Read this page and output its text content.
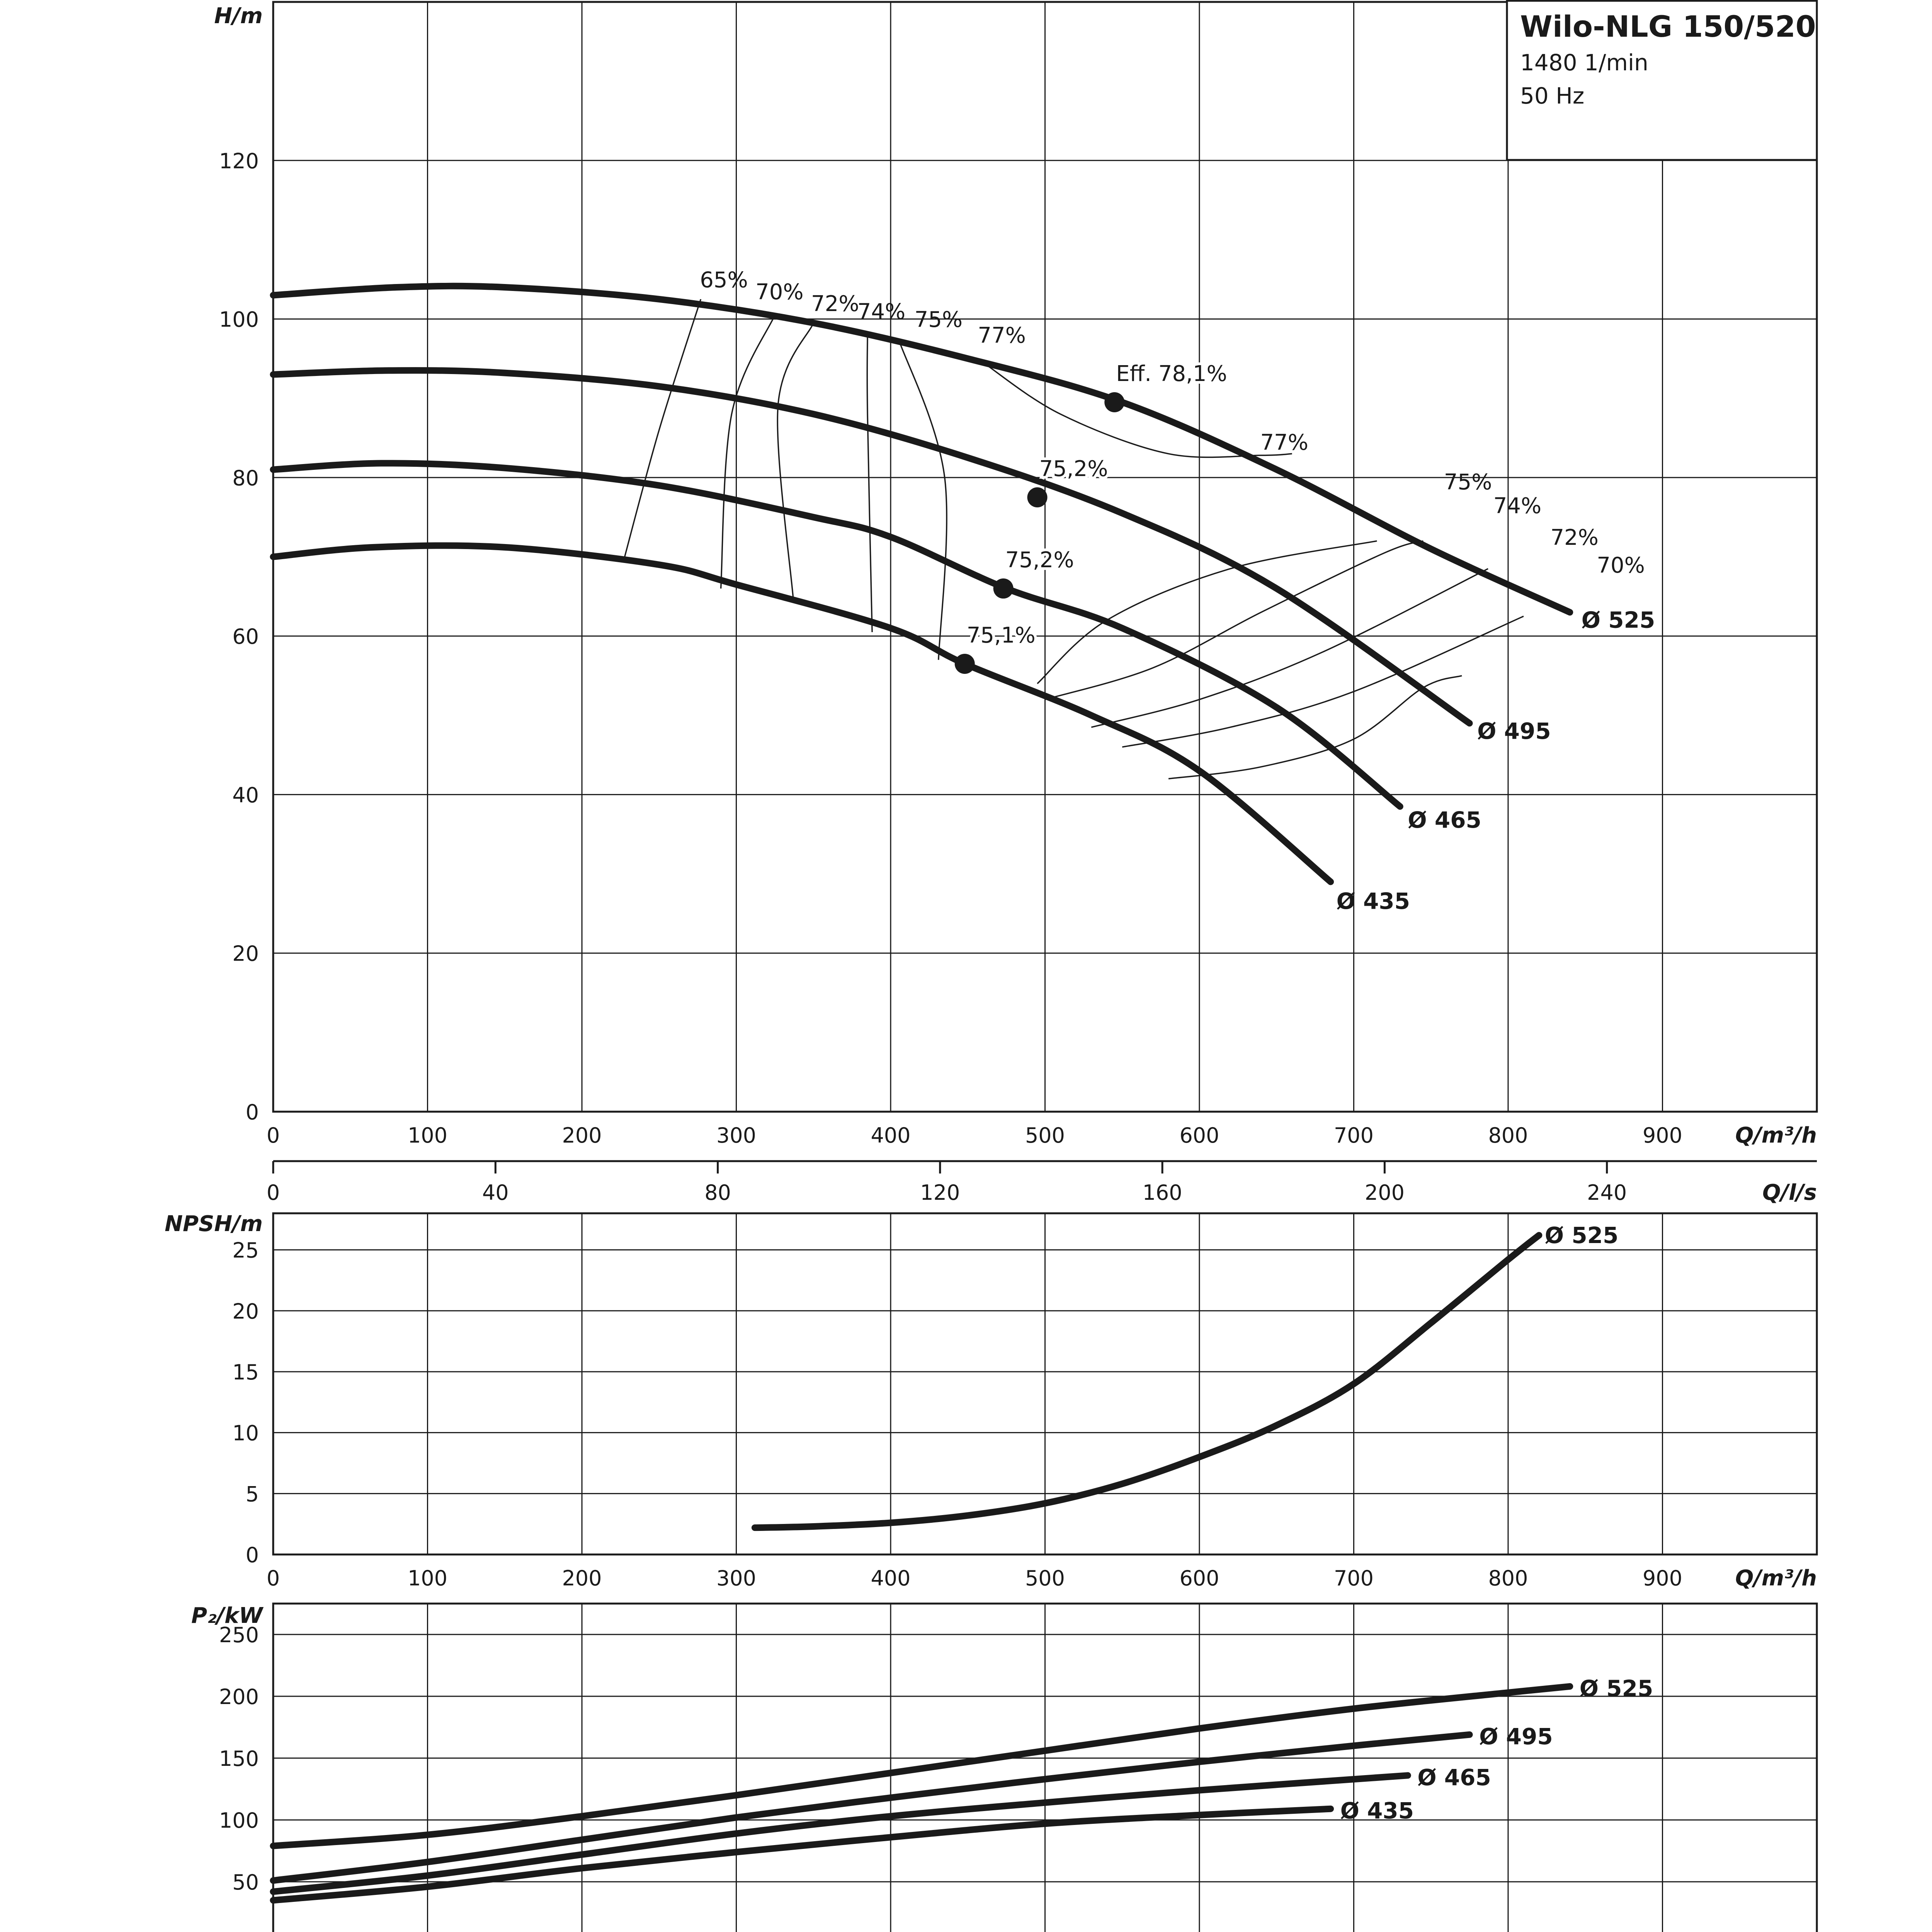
0
20
40
60
80
100
120
0	100	200	300	400	500	600	700	800	900 Q/m³/h
H/m
0
5
10
15
20
25
0	100	200	300	400	500	600	700	800	900 Q/m³/h
NPSH/m
50
100
150
200
250
P₂/kW
0	40	80	120	160	200	240	Q/l/s
65% 70% 72%
74% 75%
77%
77%
75%
74%
72%
70%
Ø 525
Eff. 78,1%
Ø 495
75,2%
Ø 465
75,2%
Ø 435
75,1%
Ø 525
Ø 525
Ø 495
Ø 465
Ø 435
Wilo-NLG 150/520
1480 1/min
50 Hz
